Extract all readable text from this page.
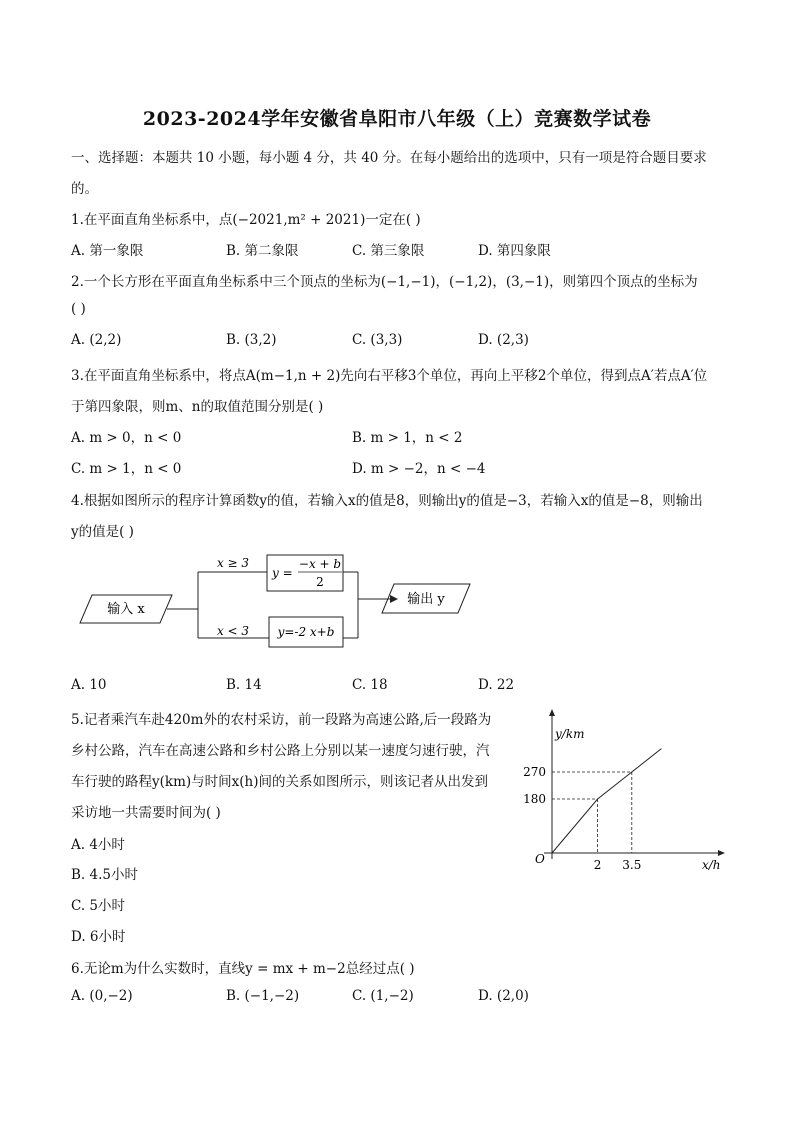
2023-2024学年安徽省阜阳市八年级（上）竞赛数学试卷
一、选择题：本题共 10 小题，每小题 4 分，共 40 分。在每小题给出的选项中，只有一项是符合题目要求
的。
1.在平面直角坐标系中，点(−2021,m² + 2021)一定在( )
A. 第一象限	B. 第二象限	C. 第三象限	D. 第四象限
2.一个长方形在平面直角坐标系中三个顶点的坐标为(−1,−1)，(−1,2)，(3,−1)，则第四个顶点的坐标为
( )
A. (2,2)	B. (3,2)	C. (3,3)	D. (2,3)
3.在平面直角坐标系中，将点A(m−1,n + 2)先向右平移3个单位，再向上平移2个单位，得到点A′若点A′位
于第四象限，则m、n的取值范围分别是( )
A. m > 0，n < 0	B. m > 1，n < 2
C. m > 1，n < 0	D. m > −2，n < −4
4.根据如图所示的程序计算函数y的值，若输入x的值是8，则输出y的值是−3，若输入x的值是−8，则输出
y的值是( )
输入 x
x ≥ 3
x < 3
y =
−x + b
2
y=-2 x+b
输出 y
A. 10	B. 14	C. 18	D. 22
5.记者乘汽车赴420m外的农村采访，前一段路为高速公路,后一段路为
乡村公路，汽车在高速公路和乡村公路上分别以某一速度匀速行驶，汽
车行驶的路程y(km)与时间x(h)间的关系如图所示，则该记者从出发到
采访地一共需要时间为( )
A. 4小时
B. 4.5小时
C. 5小时
D. 6小时
y/km
x/h
O
270
180
2 3.5
6.无论m为什么实数时，直线y = mx + m−2总经过点( )
A. (0,−2)	B. (−1,−2)	C. (1,−2)	D. (2,0)
